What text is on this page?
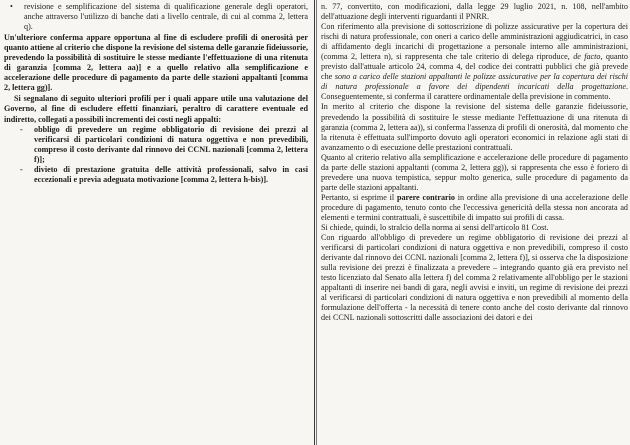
•	revisione e semplificazione del sistema di qualificazione generale degli operatori, anche attraverso l'utilizzo di banche dati a livello centrale, di cui al comma 2, lettera q).

Un'ulteriore conferma appare opportuna al fine di escludere profili di onerosità per quanto attiene al criterio che dispone la revisione del sistema delle garanzie fideiussorie, prevedendo la possibilità di sostituire le stesse mediante l'effettuazione di una ritenuta di garanzia [comma 2, lettera aa)] e a quello relativo alla semplificazione e accelerazione delle procedure di pagamento da parte delle stazioni appaltanti [comma 2, lettera gg)].

Si segnalano di seguito ulteriori profili per i quali appare utile una valutazione del Governo, al fine di escludere effetti finanziari, peraltro di carattere eventuale ed indiretto, collegati a possibili incrementi dei costi negli appalti:

-	obbligo di prevedere un regime obbligatorio di revisione dei prezzi al verificarsi di particolari condizioni di natura oggettiva e non prevedibili, compreso il costo derivante dal rinnovo dei CCNL nazionali [comma 2, lettera f)];
-	divieto di prestazione gratuita delle attività professionali, salvo in casi eccezionali e previa adeguata motivazione [comma 2, lettera h-bis)].

n. 77, convertito, con modificazioni, dalla legge 29 luglio 2021, n. 108, nell'ambito dell'attuazione degli interventi riguardanti il PNRR.

Con riferimento alla previsione di sottoscrizione di polizze assicurative per la copertura dei rischi di natura professionale, con oneri a carico delle amministrazioni aggiudicatrici, in caso di affidamento degli incarichi di progettazione a personale interno alle amministrazioni, (comma 2, lettera n), si rappresenta che tale criterio di delega riproduce, de facto, quanto previsto dall'attuale articolo 24, comma 4, del codice dei contratti pubblici che già prevede che sono a carico delle stazioni appaltanti le polizze assicurative per la copertura dei rischi di natura professionale a favore dei dipendenti incaricati della progettazione. Conseguentemente, si conferma il carattere ordinamentale della previsione in commento.

In merito al criterio che dispone la revisione del sistema delle garanzie fideiussorie, prevedendo la possibilità di sostituire le stesse mediante l'effettuazione di una ritenuta di garanzia (comma 2, lettera aa)), si conferma l'assenza di profili di onerosità, dal momento che la ritenuta è effettuata sull'importo dovuto agli operatori economici in relazione agli stati di avanzamento o di esecuzione delle prestazioni contrattuali.

Quanto al criterio relativo alla semplificazione e accelerazione delle procedure di pagamento da parte delle stazioni appaltanti (comma 2, lettera gg)), si rappresenta che esso è foriero di prevedere una nuova tempistica, seppur molto generica, sulle procedure di pagamento da parte delle stazioni appaltanti.

Pertanto, si esprime il parere contrario in ordine alla previsione di una accelerazione delle procedure di pagamento, tenuto conto che l'eccessiva genericità della stessa non ancorata ad elementi e termini contrattuali, è suscettibile di impatto sui profili di cassa.

Si chiede, quindi, lo stralcio della norma ai sensi dell'articolo 81 Cost.

Con riguardo all'obbligo di prevedere un regime obbligatorio di revisione dei prezzi al verificarsi di particolari condizioni di natura oggettiva e non prevedibili, compreso il costo derivante dal rinnovo dei CCNL nazionali [comma 2, lettera f)], si osserva che la disposizione sulla revisione dei prezzi è finalizzata a prevedere – integrando quanto già era previsto nel testo licenziato dal Senato alla lettera f) del comma 2 relativamente all'obbligo per le stazioni appaltanti di inserire nei bandi di gara, negli avvisi e inviti, un regime di revisione dei prezzi al verificarsi di particolari condizioni di natura oggettiva e non prevedibili al momento della formulazione dell'offerta - la necessità di tenere conto anche del costo derivante dal rinnovo dei CCNL nazionali sottoscritti dalle associazioni dei datori e dei
